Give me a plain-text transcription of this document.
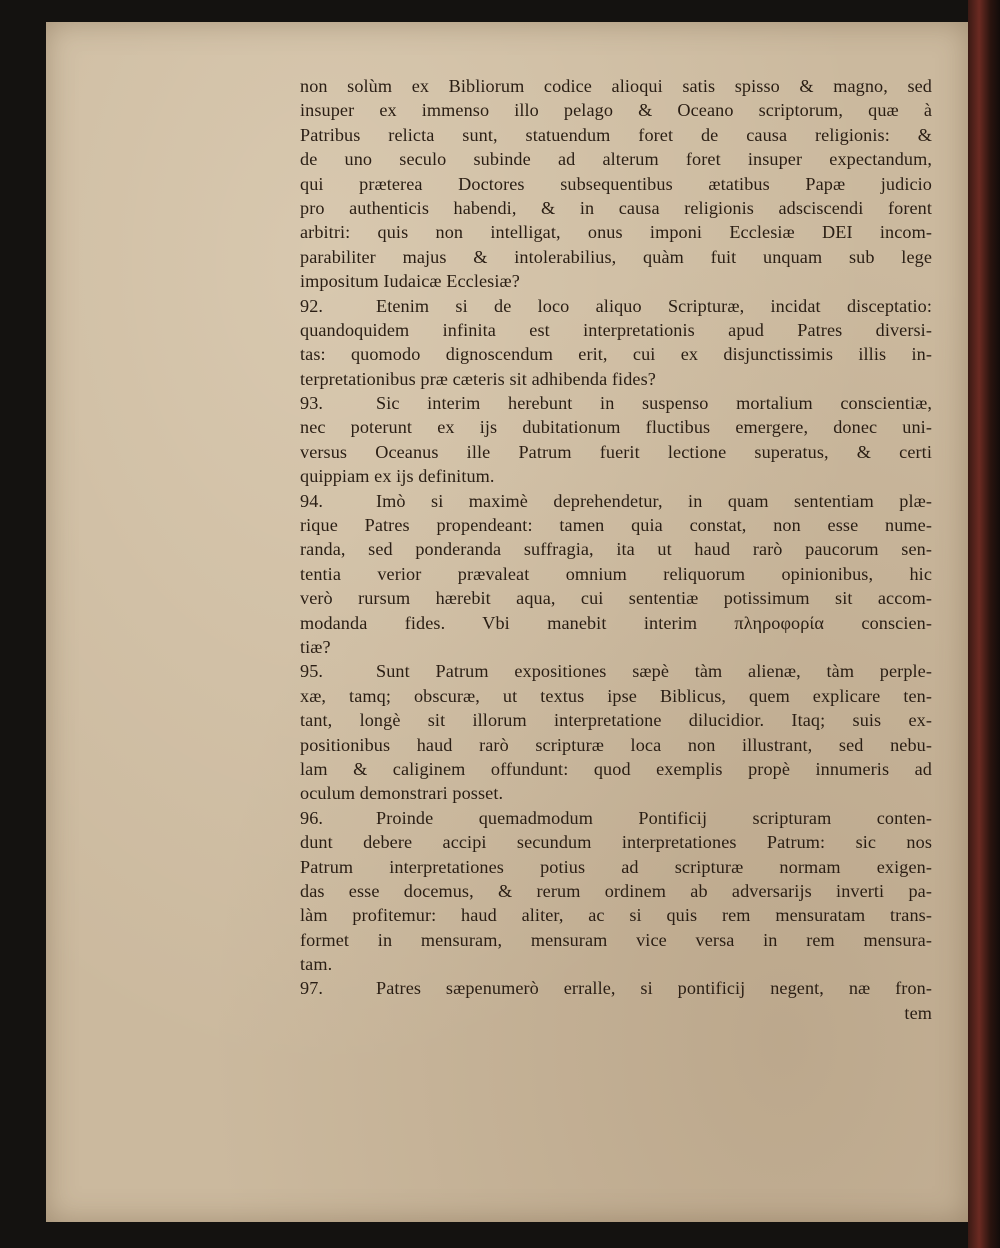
non solùm ex Bibliorum codice alioqui satis spisso & magno, sed
insuper ex immenso illo pelago & Oceano scriptorum, quæ à
Patribus relicta sunt, statuendum foret de causa religionis: &
de uno seculo subinde ad alterum foret insuper expectandum,
qui præterea Doctores subsequentibus ætatibus Papæ judicio
pro authenticis habendi, & in causa religionis adsciscendi forent
arbitri: quis non intelligat, onus imponi Ecclesiæ DEI incom-
parabiliter majus & intolerabilius, quàm fuit unquam sub lege
impositum Iudaicæ Ecclesiæ?
92.	Etenim si de loco aliquo Scripturæ, incidat disceptatio:
quandoquidem infinita est interpretationis apud Patres diversi-
tas: quomodo dignoscendum erit, cui ex disjunctissimis illis in-
terpretationibus præ cæteris sit adhibenda fides?
93.	Sic interim herebunt in suspenso mortalium conscientiæ,
nec poterunt ex ijs dubitationum fluctibus emergere, donec uni-
versus Oceanus ille Patrum fuerit lectione superatus, & certi
quippiam ex ijs definitum.
94.	Imò si maximè deprehendetur, in quam sententiam plæ-
rique Patres propendeant: tamen quia constat, non esse nume-
randa, sed ponderanda suffragia, ita ut haud rarò paucorum sen-
tentia verior prævaleat omnium reliquorum opinionibus, hic
verò rursum hærebit aqua, cui sententiæ potissimum sit accom-
modanda fides. Vbi manebit interim πληροφορία conscien-
tiæ?
95.	Sunt Patrum expositiones sæpè tàm alienæ, tàm perple-
xæ, tamq; obscuræ, ut textus ipse Biblicus, quem explicare ten-
tant, longè sit illorum interpretatione dilucidior. Itaq; suis ex-
positionibus haud rarò scripturæ loca non illustrant, sed nebu-
lam & caliginem offundunt: quod exemplis propè innumeris ad
oculum demonstrari posset.
96.	Proinde quemadmodum Pontificij scripturam conten-
dunt debere accipi secundum interpretationes Patrum: sic nos
Patrum interpretationes potius ad scripturæ normam exigen-
das esse docemus, & rerum ordinem ab adversarijs inverti pa-
làm profitemur: haud aliter, ac si quis rem mensuratam trans-
formet in mensuram, mensuram vice versa in rem mensura-
tam.
97.	Patres sæpenumerò erralle, si pontificij negent, næ fron-
tem
